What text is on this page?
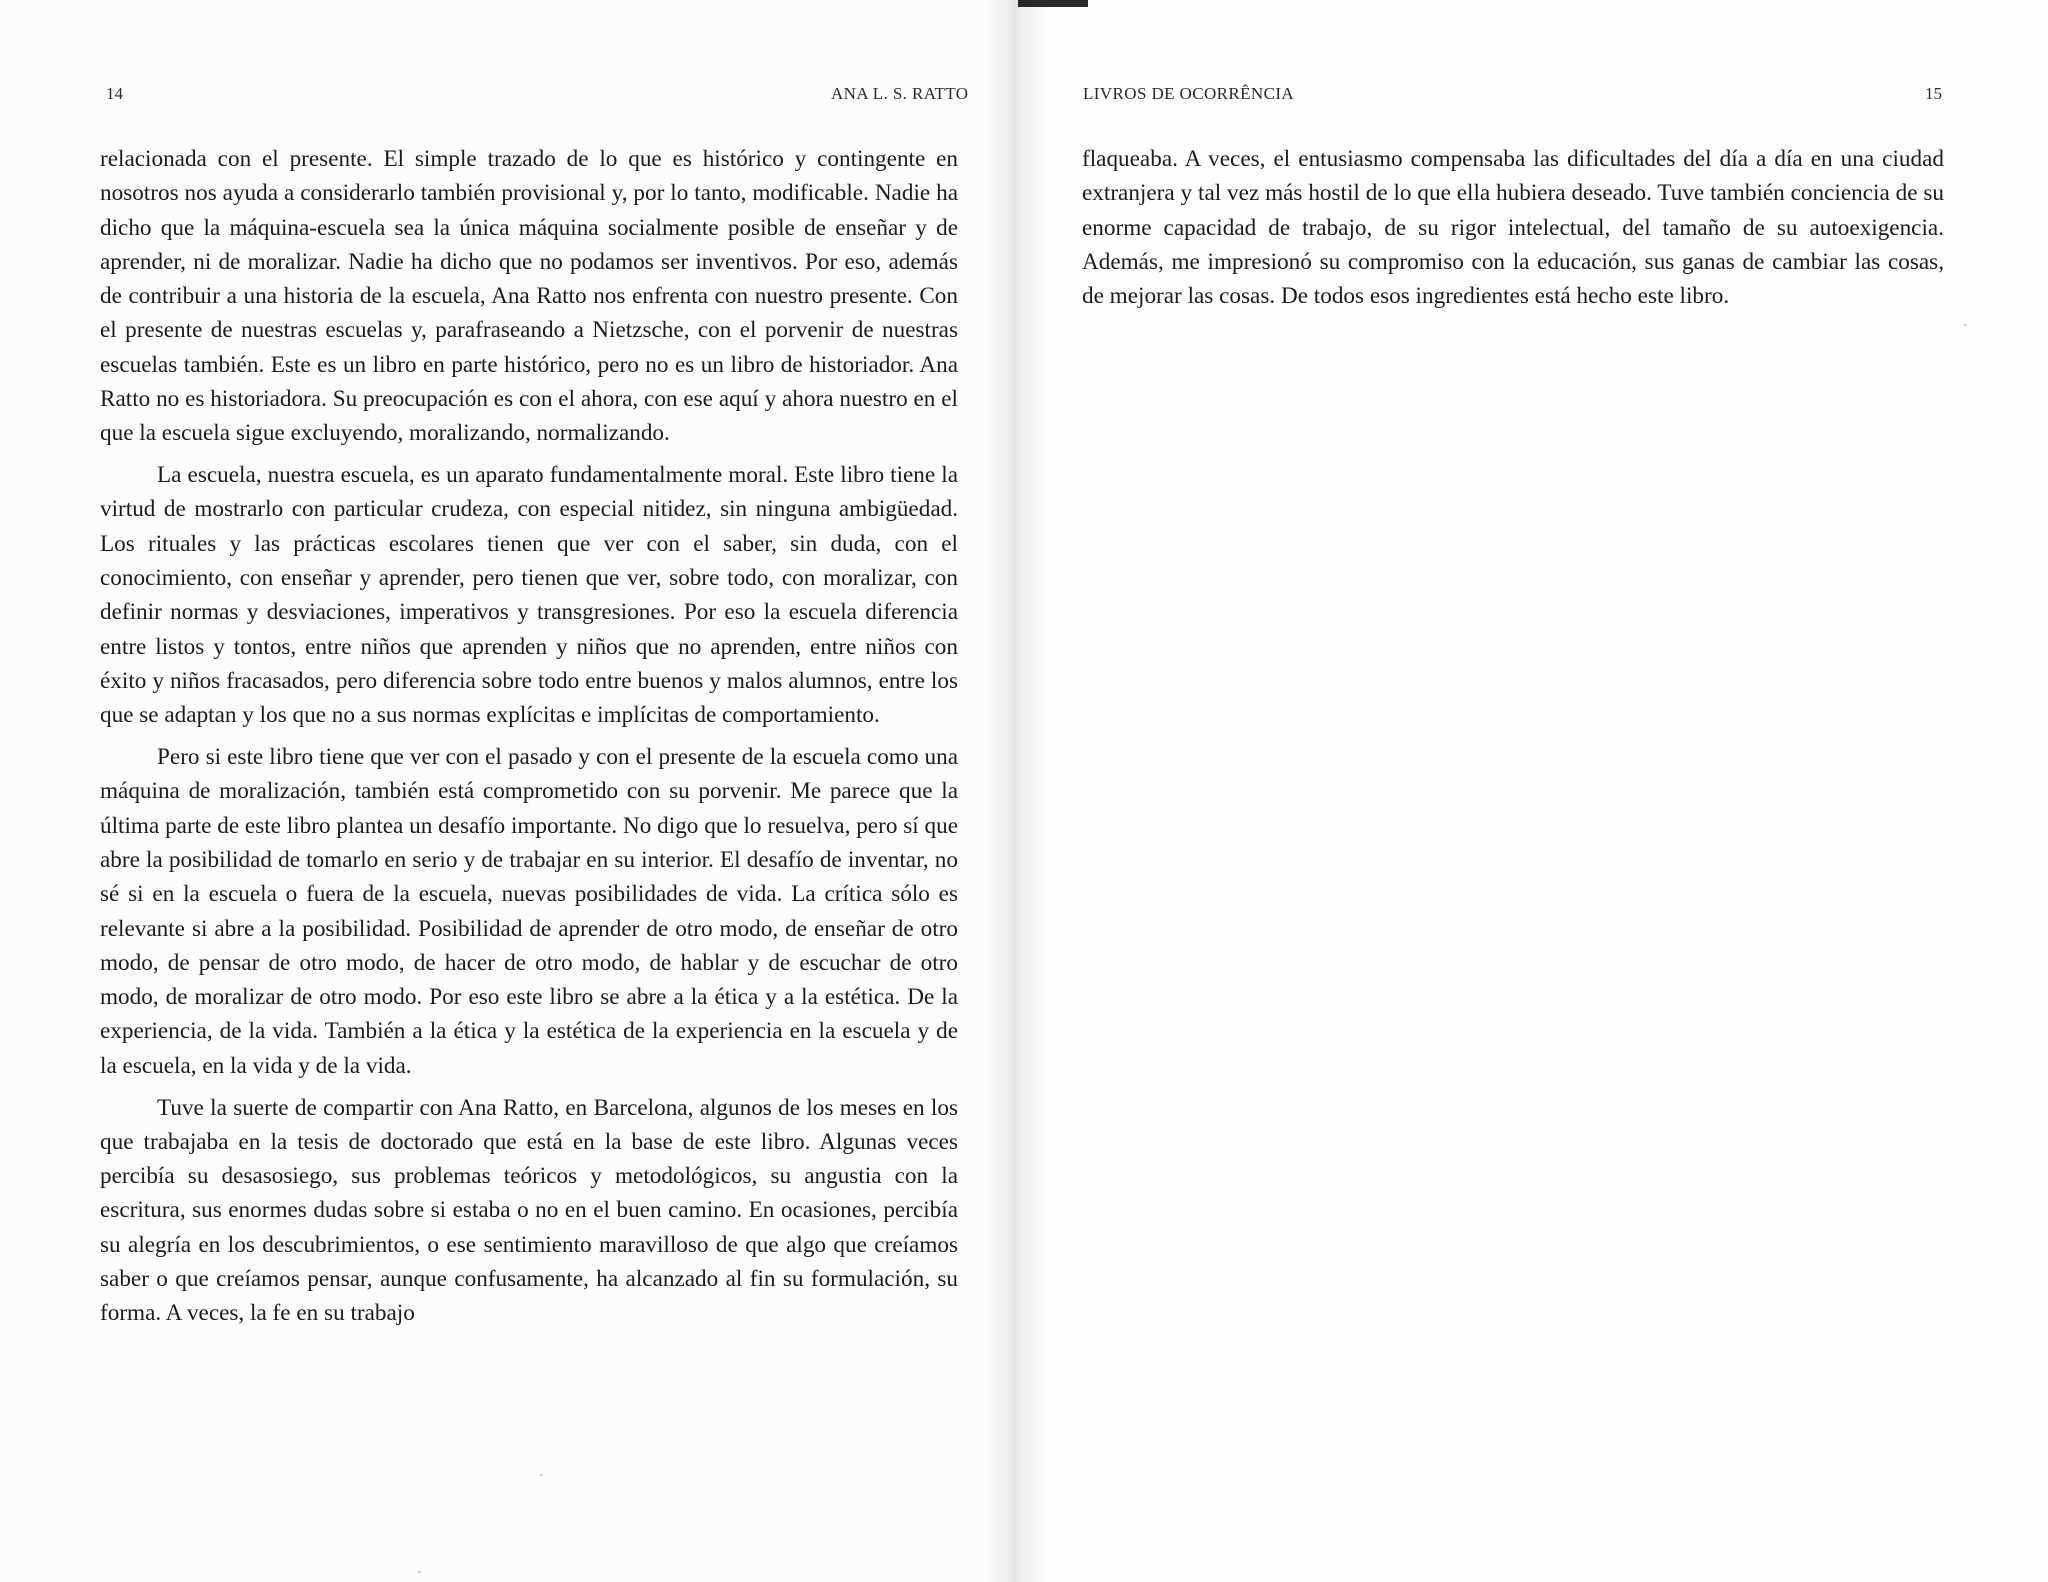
14	ANA L. S. RATTO

relacionada con el presente. El simple trazado de lo que es histórico y contingente en nosotros nos ayuda a considerarlo también provisional y, por lo tanto, modificable. Nadie ha dicho que la máquina-escuela sea la única máquina socialmente posible de enseñar y de aprender, ni de moralizar. Nadie ha dicho que no podamos ser inventivos. Por eso, además de contribuir a una historia de la escuela, Ana Ratto nos enfrenta con nuestro presente. Con el presente de nuestras escuelas y, parafraseando a Nietzsche, con el porvenir de nuestras escuelas también. Este es un libro en parte histórico, pero no es un libro de historiador. Ana Ratto no es historiadora. Su preocupación es con el ahora, con ese aquí y ahora nuestro en el que la escuela sigue excluyendo, moralizando, normalizando.

La escuela, nuestra escuela, es un aparato fundamentalmente moral. Este libro tiene la virtud de mostrarlo con particular crudeza, con especial nitidez, sin ninguna ambigüedad. Los rituales y las prácticas escolares tienen que ver con el saber, sin duda, con el conocimiento, con enseñar y aprender, pero tienen que ver, sobre todo, con moralizar, con definir normas y desviaciones, imperativos y transgresiones. Por eso la escuela diferencia entre listos y tontos, entre niños que aprenden y niños que no aprenden, entre niños con éxito y niños fracasados, pero diferencia sobre todo entre buenos y malos alumnos, entre los que se adaptan y los que no a sus normas explícitas e implícitas de comportamiento.

Pero si este libro tiene que ver con el pasado y con el presente de la escuela como una máquina de moralización, también está comprometido con su porvenir. Me parece que la última parte de este libro plantea un desafío importante. No digo que lo resuelva, pero sí que abre la posibilidad de tomarlo en serio y de trabajar en su interior. El desafío de inventar, no sé si en la escuela o fuera de la escuela, nuevas posibilidades de vida. La crítica sólo es relevante si abre a la posibilidad. Posibilidad de aprender de otro modo, de enseñar de otro modo, de pensar de otro modo, de hacer de otro modo, de hablar y de escuchar de otro modo, de moralizar de otro modo. Por eso este libro se abre a la ética y a la estética. De la experiencia, de la vida. También a la ética y la estética de la experiencia en la escuela y de la escuela, en la vida y de la vida.

Tuve la suerte de compartir con Ana Ratto, en Barcelona, algunos de los meses en los que trabajaba en la tesis de doctorado que está en la base de este libro. Algunas veces percibía su desasosiego, sus problemas teóricos y metodológicos, su angustia con la escritura, sus enormes dudas sobre si estaba o no en el buen camino. En ocasiones, percibía su alegría en los descubrimientos, o ese sentimiento maravilloso de que algo que creíamos saber o que creíamos pensar, aunque confusamente, ha alcanzado al fin su formulación, su forma. A veces, la fe en su trabajo

LIVROS DE OCORRÊNCIA	15

flaqueaba. A veces, el entusiasmo compensaba las dificultades del día a día en una ciudad extranjera y tal vez más hostil de lo que ella hubiera deseado. Tuve también conciencia de su enorme capacidad de trabajo, de su rigor intelectual, del tamaño de su autoexigencia. Además, me impresionó su compromiso con la educación, sus ganas de cambiar las cosas, de mejorar las cosas. De todos esos ingredientes está hecho este libro.
